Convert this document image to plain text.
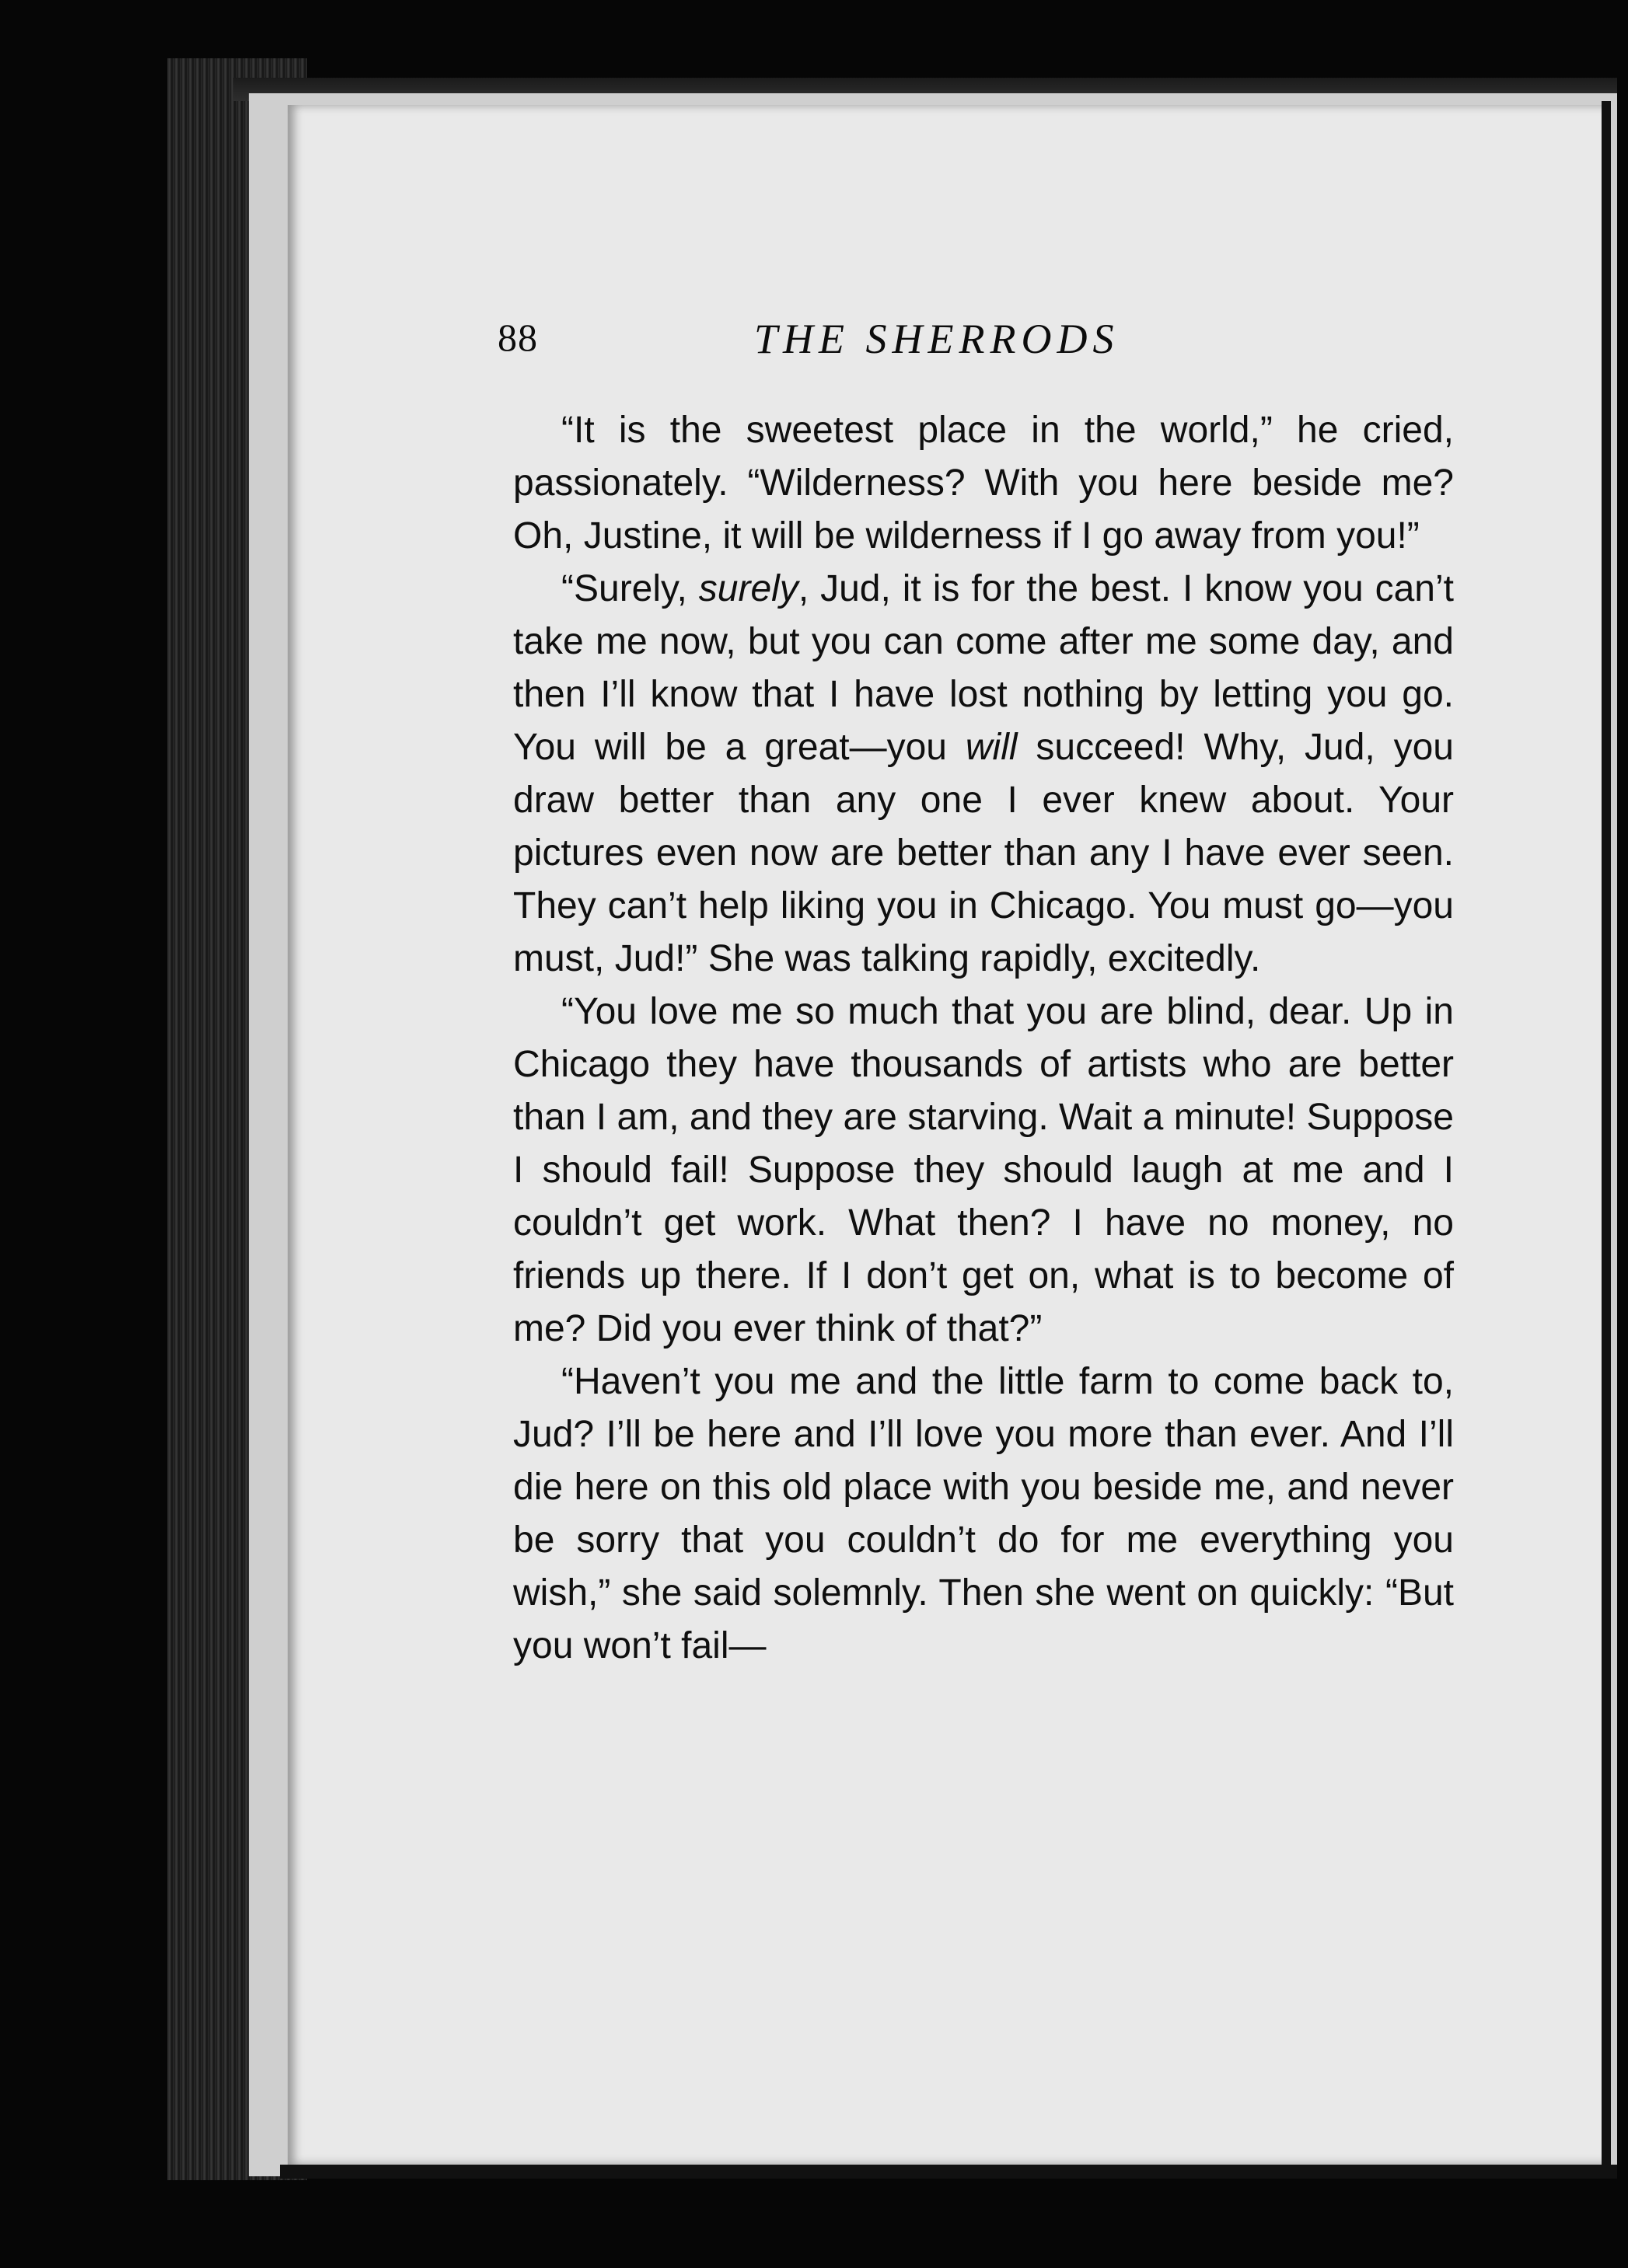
88	THE SHERRODS

“It is the sweetest place in the world,” he cried, passionately. “Wilderness? With you here beside me? Oh, Justine, it will be wilderness if I go away from you!”

“Surely, surely, Jud, it is for the best. I know you can’t take me now, but you can come after me some day, and then I’ll know that I have lost nothing by letting you go. You will be a great—you will succeed! Why, Jud, you draw better than any one I ever knew about. Your pictures even now are better than any I have ever seen. They can’t help liking you in Chicago. You must go—you must, Jud!” She was talking rapidly, excitedly.

“You love me so much that you are blind, dear. Up in Chicago they have thousands of artists who are better than I am, and they are starving. Wait a minute! Suppose I should fail! Suppose they should laugh at me and I couldn’t get work. What then? I have no money, no friends up there. If I don’t get on, what is to become of me? Did you ever think of that?”

“Haven’t you me and the little farm to come back to, Jud? I’ll be here and I’ll love you more than ever. And I’ll die here on this old place with you beside me, and never be sorry that you couldn’t do for me everything you wish,” she said solemnly. Then she went on quickly: “But you won’t fail—
